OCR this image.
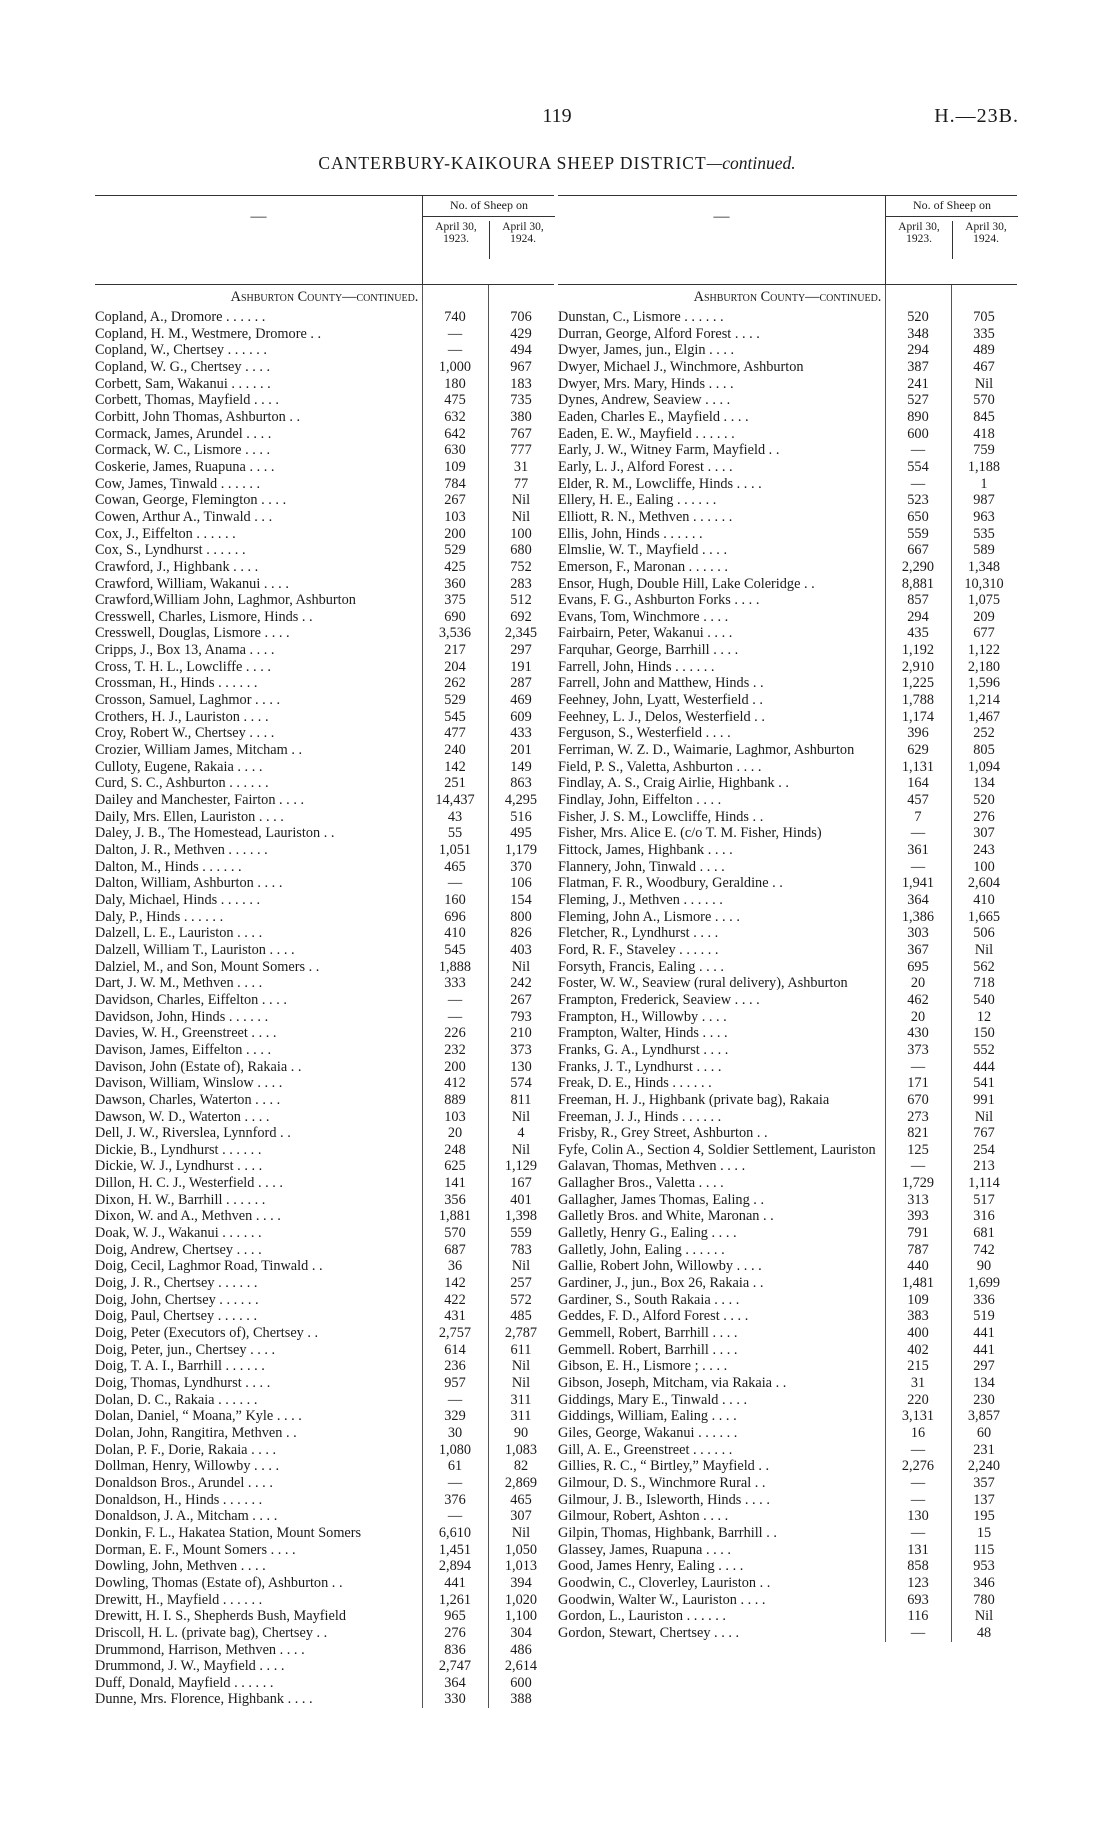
119	H.—23B.
CANTERBURY-KAIKOURA SHEEP DISTRICT—continued.
—
No. of Sheep on
April 30, 1923.
April 30, 1924.
Ashburton County—continued.
Copland, A., Dromore . . . . . .	740	706
Copland, H. M., Westmere, Dromore . .	—	429
Copland, W., Chertsey . . . . . .	—	494
Copland, W. G., Chertsey . . . .	1,000	967
Corbett, Sam, Wakanui . . . . . .	180	183
Corbett, Thomas, Mayfield . . . .	475	735
Corbitt, John Thomas, Ashburton . .	632	380
Cormack, James, Arundel . . . .	642	767
Cormack, W. C., Lismore . . . .	630	777
Coskerie, James, Ruapuna . . . .	109	31
Cow, James, Tinwald . . . . . .	784	77
Cowan, George, Flemington . . . .	267	Nil
Cowen, Arthur A., Tinwald . . .	103	Nil
Cox, J., Eiffelton . . . . . .	200	100
Cox, S., Lyndhurst . . . . . .	529	680
Crawford, J., Highbank . . . .	425	752
Crawford, William, Wakanui . . . .	360	283
Crawford,William John, Laghmor, Ashburton	375	512
Cresswell, Charles, Lismore, Hinds . .	690	692
Cresswell, Douglas, Lismore . . . .	3,536	2,345
Cripps, J., Box 13, Anama . . . .	217	297
Cross, T. H. L., Lowcliffe . . . .	204	191
Crossman, H., Hinds . . . . . .	262	287
Crosson, Samuel, Laghmor . . . .	529	469
Crothers, H. J., Lauriston . . . .	545	609
Croy, Robert W., Chertsey . . . .	477	433
Crozier, William James, Mitcham . .	240	201
Culloty, Eugene, Rakaia . . . .	142	149
Curd, S. C., Ashburton . . . . . .	251	863
Dailey and Manchester, Fairton . . . .	14,437	4,295
Daily, Mrs. Ellen, Lauriston . . . .	43	516
Daley, J. B., The Homestead, Lauriston . .	55	495
Dalton, J. R., Methven . . . . . .	1,051	1,179
Dalton, M., Hinds . . . . . .	465	370
Dalton, William, Ashburton . . . .	—	106
Daly, Michael, Hinds . . . . . .	160	154
Daly, P., Hinds . . . . . .	696	800
Dalzell, L. E., Lauriston . . . .	410	826
Dalzell, William T., Lauriston . . . .	545	403
Dalziel, M., and Son, Mount Somers . .	1,888	Nil
Dart, J. W. M., Methven . . . .	333	242
Davidson, Charles, Eiffelton . . . .	—	267
Davidson, John, Hinds . . . . . .	—	793
Davies, W. H., Greenstreet . . . .	226	210
Davison, James, Eiffelton . . . .	232	373
Davison, John (Estate of), Rakaia . .	200	130
Davison, William, Winslow . . . .	412	574
Dawson, Charles, Waterton . . . .	889	811
Dawson, W. D., Waterton . . . .	103	Nil
Dell, J. W., Riverslea, Lynnford . .	20	4
Dickie, B., Lyndhurst . . . . . .	248	Nil
Dickie, W. J., Lyndhurst . . . .	625	1,129
Dillon, H. C. J., Westerfield . . . .	141	167
Dixon, H. W., Barrhill . . . . . .	356	401
Dixon, W. and A., Methven . . . .	1,881	1,398
Doak, W. J., Wakanui . . . . . .	570	559
Doig, Andrew, Chertsey . . . .	687	783
Doig, Cecil, Laghmor Road, Tinwald . .	36	Nil
Doig, J. R., Chertsey . . . . . .	142	257
Doig, John, Chertsey . . . . . .	422	572
Doig, Paul, Chertsey . . . . . .	431	485
Doig, Peter (Executors of), Chertsey . .	2,757	2,787
Doig, Peter, jun., Chertsey . . . .	614	611
Doig, T. A. I., Barrhill . . . . . .	236	Nil
Doig, Thomas, Lyndhurst . . . .	957	Nil
Dolan, D. C., Rakaia . . . . . .	—	311
Dolan, Daniel, “ Moana,” Kyle . . . .	329	311
Dolan, John, Rangitira, Methven . .	30	90
Dolan, P. F., Dorie, Rakaia . . . .	1,080	1,083
Dollman, Henry, Willowby . . . .	61	82
Donaldson Bros., Arundel . . . .	—	2,869
Donaldson, H., Hinds . . . . . .	376	465
Donaldson, J. A., Mitcham . . . .	—	307
Donkin, F. L., Hakatea Station, Mount Somers	6,610	Nil
Dorman, E. F., Mount Somers . . . .	1,451	1,050
Dowling, John, Methven . . . .	2,894	1,013
Dowling, Thomas (Estate of), Ashburton . .	441	394
Drewitt, H., Mayfield . . . . . .	1,261	1,020
Drewitt, H. I. S., Shepherds Bush, Mayfield	965	1,100
Driscoll, H. L. (private bag), Chertsey . .	276	304
Drummond, Harrison, Methven . . . .	836	486
Drummond, J. W., Mayfield . . . .	2,747	2,614
Duff, Donald, Mayfield . . . . . .	364	600
Dunne, Mrs. Florence, Highbank . . . .	330	388
—
No. of Sheep on
April 30, 1923.
April 30, 1924.
Ashburton County—continued.
Dunstan, C., Lismore . . . . . .	520	705
Durran, George, Alford Forest . . . .	348	335
Dwyer, James, jun., Elgin . . . .	294	489
Dwyer, Michael J., Winchmore, Ashburton	387	467
Dwyer, Mrs. Mary, Hinds . . . .	241	Nil
Dynes, Andrew, Seaview . . . .	527	570
Eaden, Charles E., Mayfield . . . .	890	845
Eaden, E. W., Mayfield . . . . . .	600	418
Early, J. W., Witney Farm, Mayfield . .	—	759
Early, L. J., Alford Forest . . . .	554	1,188
Elder, R. M., Lowcliffe, Hinds . . . .	—	1
Ellery, H. E., Ealing . . . . . .	523	987
Elliott, R. N., Methven . . . . . .	650	963
Ellis, John, Hinds . . . . . .	559	535
Elmslie, W. T., Mayfield . . . .	667	589
Emerson, F., Maronan . . . . . .	2,290	1,348
Ensor, Hugh, Double Hill, Lake Coleridge . .	8,881	10,310
Evans, F. G., Ashburton Forks . . . .	857	1,075
Evans, Tom, Winchmore . . . .	294	209
Fairbairn, Peter, Wakanui . . . .	435	677
Farquhar, George, Barrhill . . . .	1,192	1,122
Farrell, John, Hinds . . . . . .	2,910	2,180
Farrell, John and Matthew, Hinds . .	1,225	1,596
Feehney, John, Lyatt, Westerfield . .	1,788	1,214
Feehney, L. J., Delos, Westerfield . .	1,174	1,467
Ferguson, S., Westerfield . . . .	396	252
Ferriman, W. Z. D., Waimarie, Laghmor, Ashburton	629	805
Field, P. S., Valetta, Ashburton . . . .	1,131	1,094
Findlay, A. S., Craig Airlie, Highbank . .	164	134
Findlay, John, Eiffelton . . . .	457	520
Fisher, J. S. M., Lowcliffe, Hinds . .	7	276
Fisher, Mrs. Alice E. (c/o T. M. Fisher, Hinds)	—	307
Fittock, James, Highbank . . . .	361	243
Flannery, John, Tinwald . . . .	—	100
Flatman, F. R., Woodbury, Geraldine . .	1,941	2,604
Fleming, J., Methven . . . . . .	364	410
Fleming, John A., Lismore . . . .	1,386	1,665
Fletcher, R., Lyndhurst . . . .	303	506
Ford, R. F., Staveley . . . . . .	367	Nil
Forsyth, Francis, Ealing . . . .	695	562
Foster, W. W., Seaview (rural delivery), Ashburton	20	718
Frampton, Frederick, Seaview . . . .	462	540
Frampton, H., Willowby . . . .	20	12
Frampton, Walter, Hinds . . . .	430	150
Franks, G. A., Lyndhurst . . . .	373	552
Franks, J. T., Lyndhurst . . . .	—	444
Freak, D. E., Hinds . . . . . .	171	541
Freeman, H. J., Highbank (private bag), Rakaia	670	991
Freeman, J. J., Hinds . . . . . .	273	Nil
Frisby, R., Grey Street, Ashburton . .	821	767
Fyfe, Colin A., Section 4, Soldier Settlement, Lauriston	125	254
Galavan, Thomas, Methven . . . .	—	213
Gallagher Bros., Valetta . . . .	1,729	1,114
Gallagher, James Thomas, Ealing . .	313	517
Galletly Bros. and White, Maronan . .	393	316
Galletly, Henry G., Ealing . . . .	791	681
Galletly, John, Ealing . . . . . .	787	742
Gallie, Robert John, Willowby . . . .	440	90
Gardiner, J., jun., Box 26, Rakaia . .	1,481	1,699
Gardiner, S., South Rakaia . . . .	109	336
Geddes, F. D., Alford Forest . . . .	383	519
Gemmell, Robert, Barrhill . . . .	400	441
Gemmell. Robert, Barrhill . . . .	402	441
Gibson, E. H., Lismore ; . . . .	215	297
Gibson, Joseph, Mitcham, via Rakaia . .	31	134
Giddings, Mary E., Tinwald . . . .	220	230
Giddings, William, Ealing . . . .	3,131	3,857
Giles, George, Wakanui . . . . . .	16	60
Gill, A. E., Greenstreet . . . . . .	—	231
Gillies, R. C., “ Birtley,” Mayfield . .	2,276	2,240
Gilmour, D. S., Winchmore Rural . .	—	357
Gilmour, J. B., Isleworth, Hinds . . . .	—	137
Gilmour, Robert, Ashton . . . .	130	195
Gilpin, Thomas, Highbank, Barrhill . .	—	15
Glassey, James, Ruapuna . . . .	131	115
Good, James Henry, Ealing . . . .	858	953
Goodwin, C., Cloverley, Lauriston . .	123	346
Goodwin, Walter W., Lauriston . . . .	693	780
Gordon, L., Lauriston . . . . . .	116	Nil
Gordon, Stewart, Chertsey . . . .	—	48
